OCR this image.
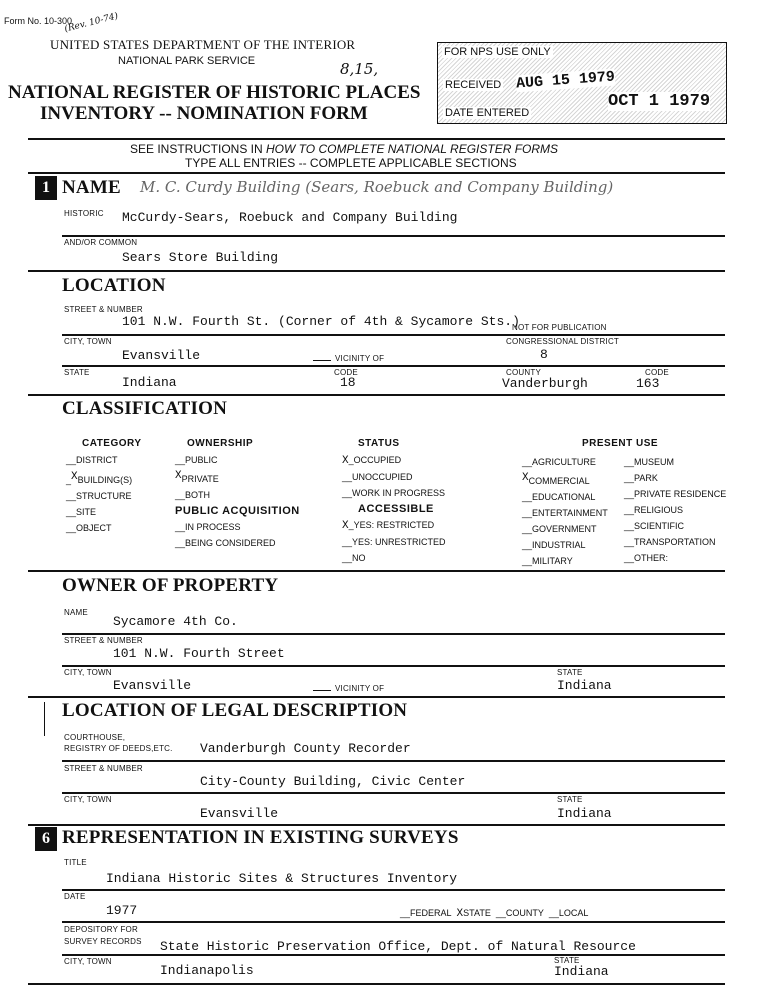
Form No. 10-300
(Rev. 10-74)
UNITED STATES DEPARTMENT OF THE INTERIOR
NATIONAL PARK SERVICE	8,15,
NATIONAL REGISTER OF HISTORIC PLACES
INVENTORY -- NOMINATION FORM
FOR NPS USE ONLY
RECEIVED AUG 15 1979
DATE ENTERED
OCT 1 1979
SEE INSTRUCTIONS IN HOW TO COMPLETE NATIONAL REGISTER FORMS
TYPE ALL ENTRIES -- COMPLETE APPLICABLE SECTIONS
1 NAME M. C. Curdy Building (Sears, Roebuck and Company Building)
HISTORIC McCurdy-Sears, Roebuck and Company Building
AND/OR COMMON
Sears Store Building
LOCATION
STREET & NUMBER
101 N.W. Fourth St. (Corner of 4th & Sycamore Sts.)
NOT FOR PUBLICATION
CITY, TOWN
Evansville	VICINITY OF
CONGRESSIONAL DISTRICT
8
STATE
Indiana
CODE
18
COUNTY
Vanderburgh
CODE
163
CLASSIFICATION
CATEGORY
__DISTRICT
_XBUILDING(S)
__STRUCTURE
__SITE
__OBJECT
OWNERSHIP
__PUBLIC
XPRIVATE
__BOTH
PUBLIC ACQUISITION
__IN PROCESS
__BEING CONSIDERED
STATUS
X_OCCUPIED
__UNOCCUPIED
__WORK IN PROGRESS
ACCESSIBLE
X_YES: RESTRICTED
__YES: UNRESTRICTED
__NO
PRESENT USE
__AGRICULTURE
XCOMMERCIAL
__EDUCATIONAL
__ENTERTAINMENT
__GOVERNMENT
__INDUSTRIAL
__MILITARY
__MUSEUM
__PARK
__PRIVATE RESIDENCE
__RELIGIOUS
__SCIENTIFIC
__TRANSPORTATION
__OTHER:
OWNER OF PROPERTY
NAME
Sycamore 4th Co.
STREET & NUMBER
101 N.W. Fourth Street
CITY, TOWN
Evansville	VICINITY OF
STATE
Indiana
LOCATION OF LEGAL DESCRIPTION
COURTHOUSE,
REGISTRY OF DEEDS,ETC. Vanderburgh County Recorder
STREET & NUMBER
City-County Building, Civic Center
CITY, TOWN
Evansville
STATE
Indiana
6 REPRESENTATION IN EXISTING SURVEYS
TITLE
Indiana Historic Sites & Structures Inventory
DATE
1977	__FEDERAL XSTATE  __COUNTY  __LOCAL
DEPOSITORY FOR
SURVEY RECORDS State Historic Preservation Office, Dept. of Natural Resource
CITY, TOWN
Indianapolis
STATE
Indiana
